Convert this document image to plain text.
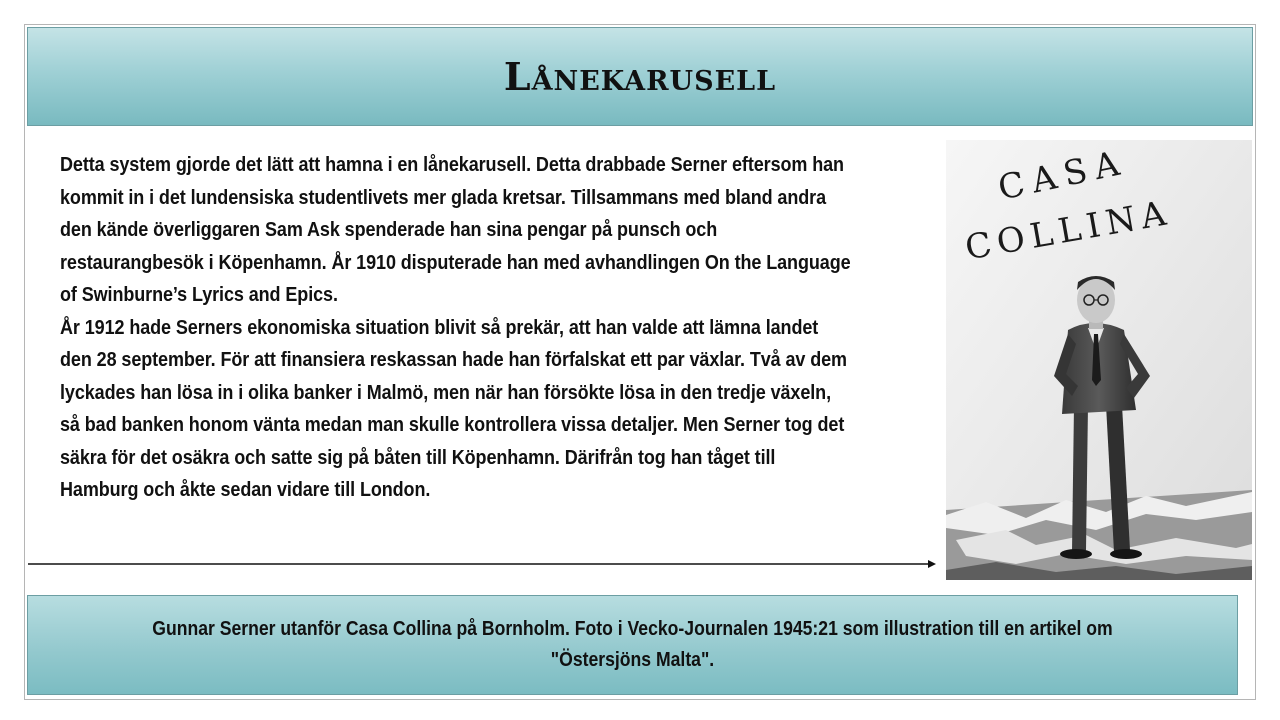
Lånekarusell

Detta system gjorde det lätt att hamna i en lånekarusell. Detta drabbade Serner eftersom han kommit in i det lundensiska studentlivets mer glada kretsar. Tillsammans med bland andra den kände överliggaren Sam Ask spenderade han sina pengar på punsch och restaurangbesök i Köpenhamn. År 1910 disputerade han med avhandlingen On the Language of Swinburne’s Lyrics and Epics.

År 1912 hade Serners ekonomiska situation blivit så prekär, att han valde att lämna landet den 28 september. För att finansiera reskassan hade han förfalskat ett par växlar. Två av dem lyckades han lösa in i olika banker i Malmö, men när han försökte lösa in den tredje växeln, så bad banken honom vänta medan man skulle kontrollera vissa detaljer. Men Serner tog det säkra för det osäkra och satte sig på båten till Köpenhamn. Därifrån tog han tåget till Hamburg och åkte sedan vidare till London.

CASA
COLLINA
Gunnar Serner utanför Casa Collina på Bornholm. Foto i Vecko-Journalen 1945:21 som illustration till en artikel om "Östersjöns Malta".
